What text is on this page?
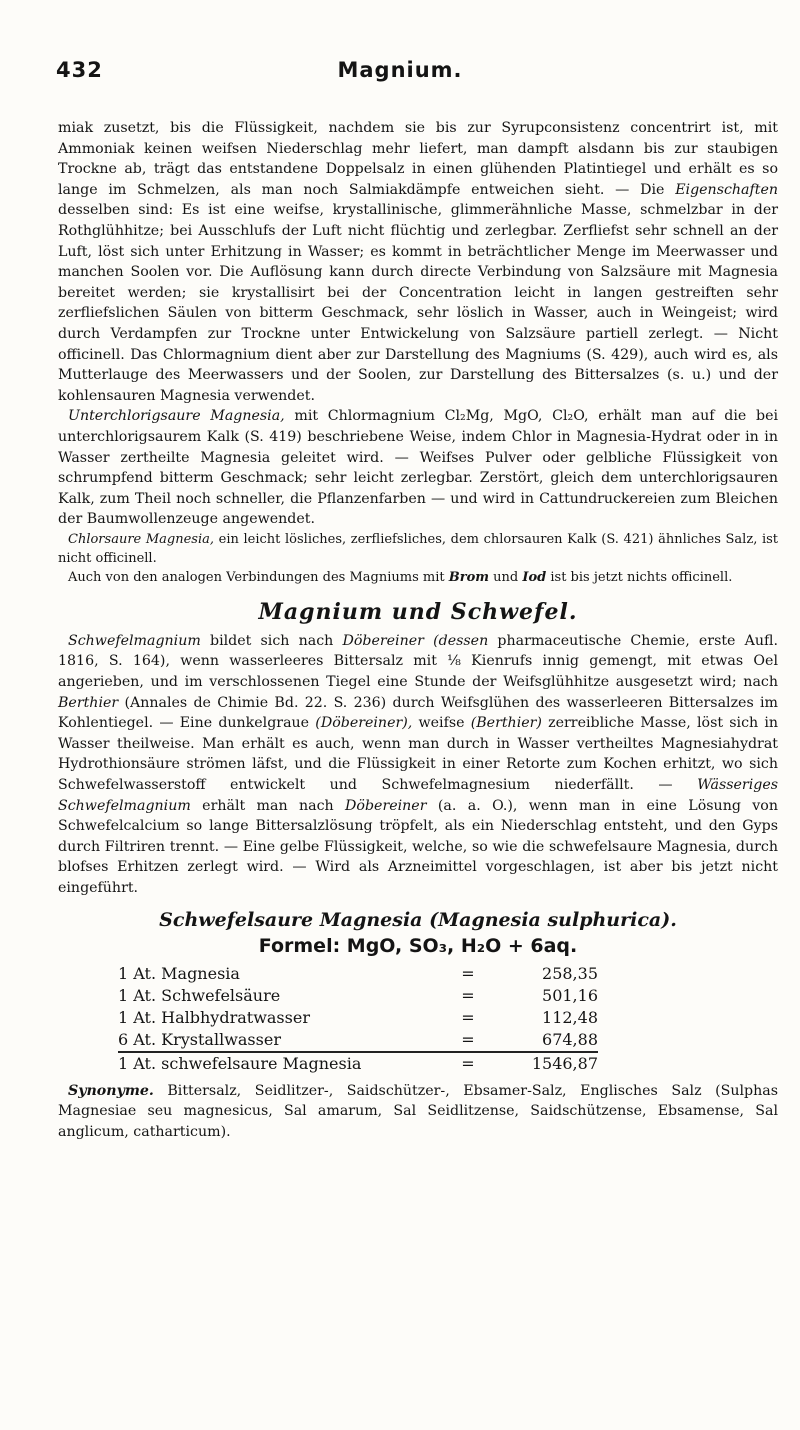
432	Magnium.

miak zusetzt, bis die Flüssigkeit, nachdem sie bis zur Syrupconsistenz concentrirt ist, mit Ammoniak keinen weifsen Niederschlag mehr liefert, man dampft alsdann bis zur staubigen Trockne ab, trägt das entstandene Doppelsalz in einen glühenden Platintiegel und erhält es so lange im Schmelzen, als man noch Salmiakdämpfe entweichen sieht. — Die Eigenschaften desselben sind: Es ist eine weifse, krystallinische, glimmerähnliche Masse, schmelzbar in der Rothglühhitze; bei Ausschlufs der Luft nicht flüchtig und zerlegbar. Zerfliefst sehr schnell an der Luft, löst sich unter Erhitzung in Wasser; es kommt in beträchtlicher Menge im Meerwasser und manchen Soolen vor. Die Auflösung kann durch directe Verbindung von Salzsäure mit Magnesia bereitet werden; sie krystallisirt bei der Concentration leicht in langen gestreiften sehr zerfliefslichen Säulen von bitterm Geschmack, sehr löslich in Wasser, auch in Weingeist; wird durch Verdampfen zur Trockne unter Entwickelung von Salzsäure partiell zerlegt. — Nicht officinell. Das Chlormagnium dient aber zur Darstellung des Magniums (S. 429), auch wird es, als Mutterlauge des Meerwassers und der Soolen, zur Darstellung des Bittersalzes (s. u.) und der kohlensauren Magnesia verwendet.

Unterchlorigsaure Magnesia, mit Chlormagnium Cl₂Mg, MgO, Cl₂O, erhält man auf die bei unterchlorigsaurem Kalk (S. 419) beschriebene Weise, indem Chlor in Magnesia-Hydrat oder in in Wasser zertheilte Magnesia geleitet wird. — Weifses Pulver oder gelbliche Flüssigkeit von schrumpfend bitterm Geschmack; sehr leicht zerlegbar. Zerstört, gleich dem unterchlorigsauren Kalk, zum Theil noch schneller, die Pflanzenfarben — und wird in Cattundruckereien zum Bleichen der Baumwollenzeuge angewendet.

Chlorsaure Magnesia, ein leicht lösliches, zerfliefsliches, dem chlorsauren Kalk (S. 421) ähnliches Salz, ist nicht officinell.

Auch von den analogen Verbindungen des Magniums mit Brom und Iod ist bis jetzt nichts officinell.

Magnium und Schwefel.

Schwefelmagnium bildet sich nach Döbereiner (dessen pharmaceutische Chemie, erste Aufl. 1816, S. 164), wenn wasserleeres Bittersalz mit ⅛ Kienrufs innig gemengt, mit etwas Oel angerieben, und im verschlossenen Tiegel eine Stunde der Weifsglühhitze ausgesetzt wird; nach Berthier (Annales de Chimie Bd. 22. S. 236) durch Weifsglühen des wasserleeren Bittersalzes im Kohlentiegel. — Eine dunkelgraue (Döbereiner), weifse (Berthier) zerreibliche Masse, löst sich in Wasser theilweise. Man erhält es auch, wenn man durch in Wasser vertheiltes Magnesiahydrat Hydrothionsäure strömen läfst, und die Flüssigkeit in einer Retorte zum Kochen erhitzt, wo sich Schwefelwasserstoff entwickelt und Schwefelmagnesium niederfällt. — Wässeriges Schwefelmagnium erhält man nach Döbereiner (a. a. O.), wenn man in eine Lösung von Schwefelcalcium so lange Bittersalzlösung tröpfelt, als ein Niederschlag entsteht, und den Gyps durch Filtriren trennt. — Eine gelbe Flüssigkeit, welche, so wie die schwefelsaure Magnesia, durch blofses Erhitzen zerlegt wird. — Wird als Arzneimittel vorgeschlagen, ist aber bis jetzt nicht eingeführt.

Schwefelsaure Magnesia (Magnesia sulphurica).
Formel: MgO, SO₃, H₂O + 6aq.
1 At. Magnesia	=	258,35
1 At. Schwefelsäure	=	501,16
1 At. Halbhydratwasser	=	112,48
6 At. Krystallwasser	=	674,88
1 At. schwefelsaure Magnesia	=	1546,87

Synonyme. Bittersalz, Seidlitzer-, Saidschützer-, Ebsamer-Salz, Englisches Salz (Sulphas Magnesiae seu magnesicus, Sal amarum, Sal Seidlitzense, Saidschützense, Ebsamense, Sal anglicum, catharticum).
